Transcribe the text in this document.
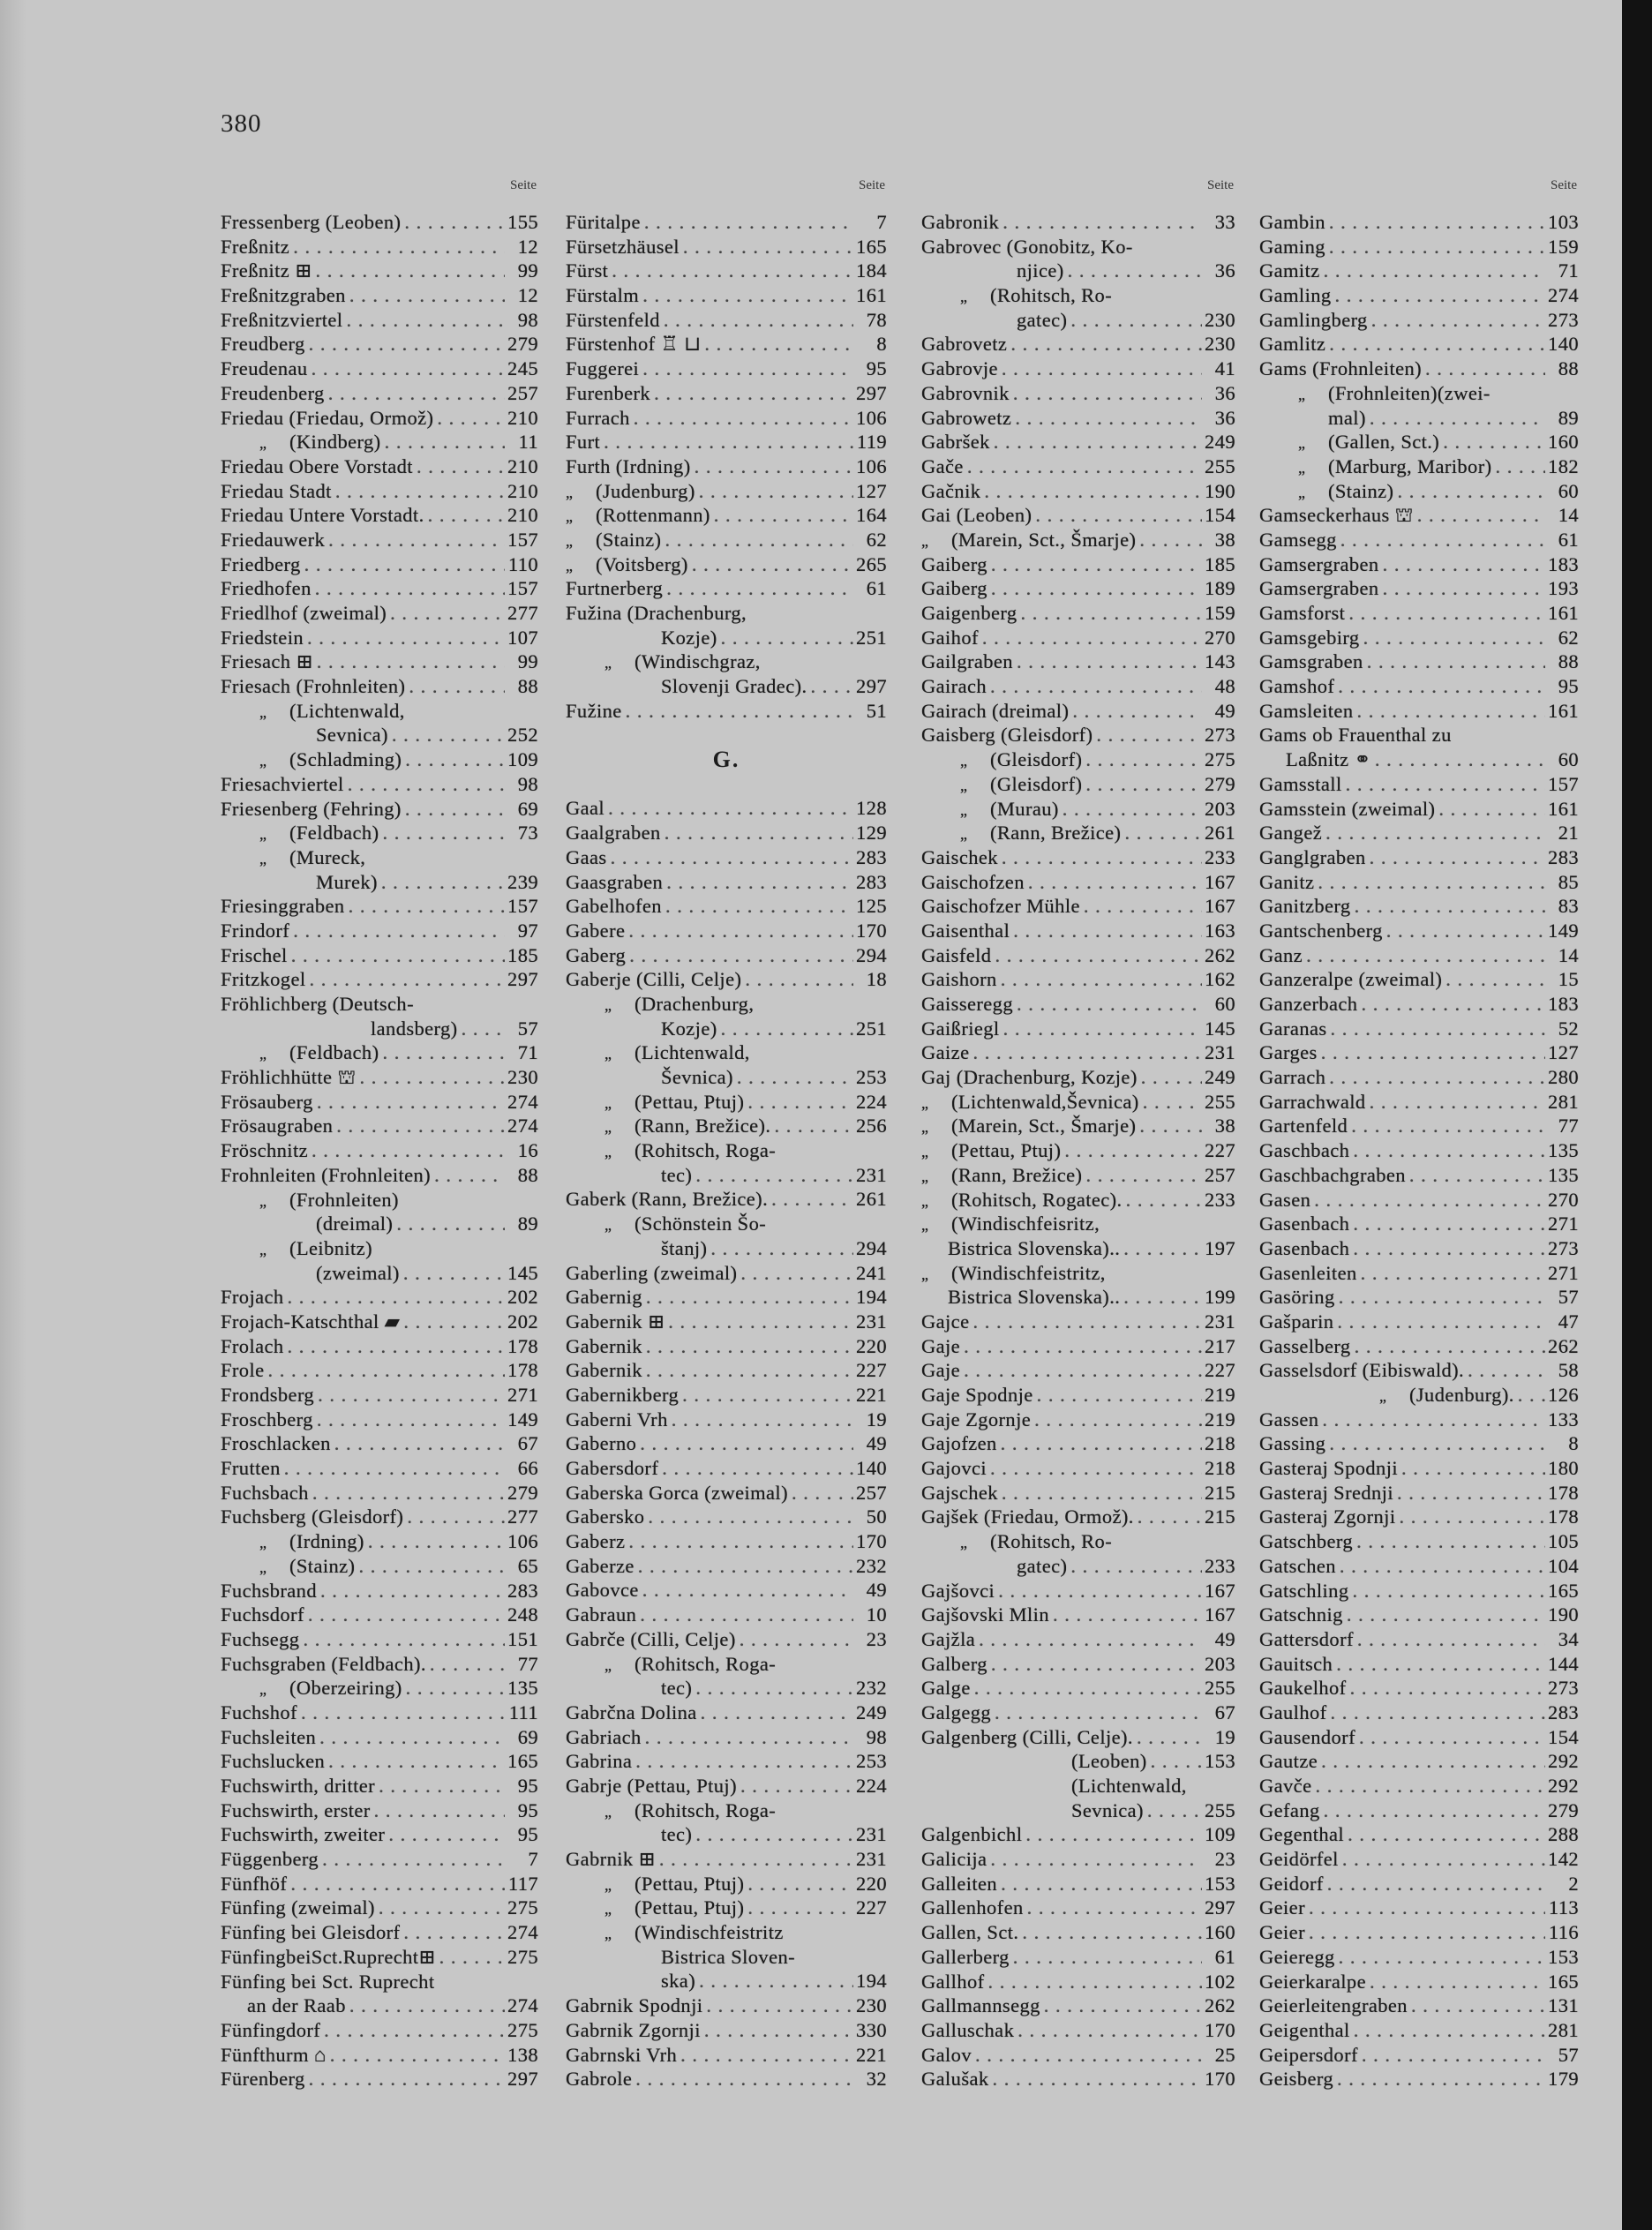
380
Seite
Fressenberg (Leoben) . . .	155
Freßnitz . . .	12
Freßnitz ⊞ . . .	99
Freßnitzgraben . . .	12
Freßnitzviertel . . .	98
Freudberg . . .	279
Freudenau . . .	245
Freudenberg . . .	257
Friedau (Friedau, Ormož) . . .	210
„ (Kindberg) . . .	11
Friedau Obere Vorstadt . . .	210
Friedau Stadt . . .	210
Friedau Untere Vorstadt. . . .	210
Friedauwerk . . .	157
Friedberg . . .	110
Friedhofen . . .	157
Friedlhof (zweimal) . . .	277
Friedstein . . .	107
Friesach ⊞ . . .	99
Friesach (Frohnleiten) . . .	88
„ (Lichtenwald,
Sevnica) . . .	252
„ (Schladming) . . .	109
Friesachviertel . . .	98
Friesenberg (Fehring) . . .	69
„ (Feldbach) . . .	73
„ (Mureck,
Murek) . . .	239
Friesinggraben . . .	157
Frindorf . . .	97
Frischel . . .	185
Fritzkogel . . .	297
Fröhlichberg (Deutsch-
landsberg) . . .	57
„ (Feldbach) . . .	71
Fröhlichhütte ⛫ . . .	230
Frösauberg . . .	274
Frösaugraben . . .	274
Fröschnitz . . .	16
Frohnleiten (Frohnleiten) . . .	88
„ (Frohnleiten)
(dreimal) . . .	89
„ (Leibnitz)
(zweimal) . . .	145
Frojach . . .	202
Frojach-Katschthal ▰ . . .	202
Frolach . . .	178
Frole . . .	178
Frondsberg . . .	271
Froschberg . . .	149
Froschlacken . . .	67
Frutten . . .	66
Fuchsbach . . .	279
Fuchsberg (Gleisdorf) . . .	277
„ (Irdning) . . .	106
„ (Stainz) . . .	65
Fuchsbrand . . .	283
Fuchsdorf . . .	248
Fuchsegg . . .	151
Fuchsgraben (Feldbach). . . .	77
„ (Oberzeiring) . . .	135
Fuchshof . . .	111
Fuchsleiten . . .	69
Fuchslucken . . .	165
Fuchswirth, dritter . . .	95
Fuchswirth, erster . . .	95
Fuchswirth, zweiter . . .	95
Függenberg . . .	7
Fünfhöf . . .	117
Fünfing (zweimal) . . .	275
Fünfing bei Gleisdorf . . .	274
FünfingbeiSct.Ruprecht⊞ . . .	275
Fünfing bei Sct. Ruprecht
an der Raab . . .	274
Fünfingdorf . . .	275
Fünfthurm ⌂ . . .	138
Fürenberg . . .	297
Seite
Füritalpe . . .	7
Fürsetzhäusel . . .	165
Fürst . . .	184
Fürstalm . . .	161
Fürstenfeld . . .	78
Fürstenhof ♖ ⊔ . . .	8
Fuggerei . . .	95
Furenberk . . .	297
Furrach . . .	106
Furt . . .	119
Furth (Irdning) . . .	106
„ (Judenburg) . . .	127
„ (Rottenmann) . . .	164
„ (Stainz) . . .	62
„ (Voitsberg) . . .	265
Furtnerberg . . .	61
Fužina (Drachenburg,
Kozje) . . .	251
„ (Windischgraz,
Slovenji Gradec). . . . 297
Fužine . . .	51
G.
Gaal . . .	128
Gaalgraben . . .	129
Gaas . . .	283
Gaasgraben . . .	283
Gabelhofen . . .	125
Gabere . . .	170
Gaberg . . .	294
Gaberje (Cilli, Celje) . . .	18
„ (Drachenburg,
Kozje) . . .	251
„ (Lichtenwald,
Ševnica) . . .	253
„ (Pettau, Ptuj) . . .	224
„ (Rann, Brežice). . . .	256
„ (Rohitsch, Roga-
tec) . . .	231
Gaberk (Rann, Brežice). . . .	261
„ (Schönstein Šo-
štanj) . . .	294
Gaberling (zweimal) . . .	241
Gabernig . . .	194
Gabernik ⊞ . . .	231
Gabernik . . .	220
Gabernik . . .	227
Gabernikberg . . .	221
Gaberni Vrh . . .	19
Gaberno . . .	49
Gabersdorf . . .	140
Gaberska Gorca (zweimal) . . .	257
Gabersko . . .	50
Gaberz . . .	170
Gaberze . . .	232
Gabovce . . .	49
Gabraun . . .	10
Gabrče (Cilli, Celje) . . .	23
„ (Rohitsch, Roga-
tec) . . .	232
Gabrčna Dolina . . .	249
Gabriach . . .	98
Gabrina . . .	253
Gabrje (Pettau, Ptuj) . . .	224
„ (Rohitsch, Roga-
tec) . . .	231
Gabrnik ⊞ . . .	231
„ (Pettau, Ptuj) . . .	220
„ (Pettau, Ptuj) . . .	227
„ (Windischfeistritz
Bistrica Sloven-
ska) . . .	194
Gabrnik Spodnji . . .	230
Gabrnik Zgornji . . .	330
Gabrnski Vrh . . .	221
Gabrole . . .	32
Seite
Gabronik . . .	33
Gabrovec (Gonobitz, Ko-
njice) . . .	36
„ (Rohitsch, Ro-
gatec) . . .	230
Gabrovetz . . .	230
Gabrovje . . .	41
Gabrovnik . . .	36
Gabrowetz . . .	36
Gabršek . . .	249
Gače . . .	255
Gačnik . . .	190
Gai (Leoben) . . .	154
„ (Marein, Sct., Šmarje) . . .	38
Gaiberg . . .	185
Gaiberg . . .	189
Gaigenberg . . .	159
Gaihof . . .	270
Gailgraben . . .	143
Gairach . . .	48
Gairach (dreimal) . . .	49
Gaisberg (Gleisdorf) . . .	273
„ (Gleisdorf) . . .	275
„ (Gleisdorf) . . .	279
„ (Murau) . . .	203
„ (Rann, Brežice) . . .	261
Gaischek . . .	233
Gaischofzen . . .	167
Gaischofzer Mühle . . .	167
Gaisenthal . . .	163
Gaisfeld . . .	262
Gaishorn . . .	162
Gaisseregg . . .	60
Gaißriegl . . .	145
Gaize . . .	231
Gaj (Drachenburg, Kozje) . . .	249
„ (Lichtenwald,Ševnica) . . .	255
„ (Marein, Sct., Šmarje) . . .	38
„ (Pettau, Ptuj) . . .	227
„ (Rann, Brežice) . . .	257
„ (Rohitsch, Rogatec). . . .	233
„ (Windischfeisritz,
Bistrica Slovenska).. . . .	197
„ (Windischfeistritz,
Bistrica Slovenska).. . . .	199
Gajce . . .	231
Gaje . . .	217
Gaje . . .	227
Gaje Spodnje . . .	219
Gaje Zgornje . . .	219
Gajofzen . . .	218
Gajovci . . .	218
Gajschek . . .	215
Gajšek (Friedau, Ormož). . . .	215
„ (Rohitsch, Ro-
gatec) . . .	233
Gajšovci . . .	167
Gajšovski Mlin . . .	167
Gajžla . . .	49
Galberg . . .	203
Galge . . .	255
Galgegg . . .	67
Galgenberg (Cilli, Celje). . . .	19
(Leoben) . . .	153
(Lichtenwald,
Sevnica) . . .	255
Galgenbichl . . .	109
Galicija . . .	23
Galleiten . . .	153
Gallenhofen . . .	297
Gallen, Sct. . . .	160
Gallerberg . . .	61
Gallhof . . .	102
Gallmannsegg . . .	262
Galluschak . . .	170
Galov . . .	25
Galušak . . .	170
Seite
Gambin . . .	103
Gaming . . .	159
Gamitz . . .	71
Gamling . . .	274
Gamlingberg . . .	273
Gamlitz . . .	140
Gams (Frohnleiten) . . .	88
„ (Frohnleiten)(zwei-
mal) . . .	89
„ (Gallen, Sct.) . . .	160
„ (Marburg, Maribor) . . .	182
„ (Stainz) . . .	60
Gamseckerhaus ⛫ . . .	14
Gamsegg . . .	61
Gamsergraben . . .	183
Gamsergraben . . .	193
Gamsforst . . .	161
Gamsgebirg . . .	62
Gamsgraben . . .	88
Gamshof . . .	95
Gamsleiten . . .	161
Gams ob Frauenthal zu
Laßnitz ⚭ . . .	60
Gamsstall . . .	157
Gamsstein (zweimal) . . .	161
Gangež . . .	21
Ganglgraben . . .	283
Ganitz . . .	85
Ganitzberg . . .	83
Gantschenberg . . .	149
Ganz . . .	14
Ganzeralpe (zweimal) . . .	15
Ganzerbach . . .	183
Garanas . . .	52
Garges . . .	127
Garrach . . .	280
Garrachwald . . .	281
Gartenfeld . . .	77
Gaschbach . . .	135
Gaschbachgraben . . .	135
Gasen . . .	270
Gasenbach . . .	271
Gasenbach . . .	273
Gasenleiten . . .	271
Gasöring . . .	57
Gašparin . . .	47
Gasselberg . . .	262
Gasselsdorf (Eibiswald). . . .	58
„ (Judenburg). . . . 126
Gassen . . .	133
Gassing . . .	8
Gasteraj Spodnji . . .	180
Gasteraj Srednji . . .	178
Gasteraj Zgornji . . .	178
Gatschberg . . .	105
Gatschen . . .	104
Gatschling . . .	165
Gatschnig . . .	190
Gattersdorf . . .	34
Gauitsch . . .	144
Gaukelhof . . .	273
Gaulhof . . .	283
Gausendorf . . .	154
Gautze . . .	292
Gavče . . .	292
Gefang . . .	279
Gegenthal . . .	288
Geidörfel . . .	142
Geidorf . . .	2
Geier . . .	113
Geier . . .	116
Geieregg . . .	153
Geierkaralpe . . .	165
Geierleitengraben . . .	131
Geigenthal . . .	281
Geipersdorf . . .	57
Geisberg . . .	179
